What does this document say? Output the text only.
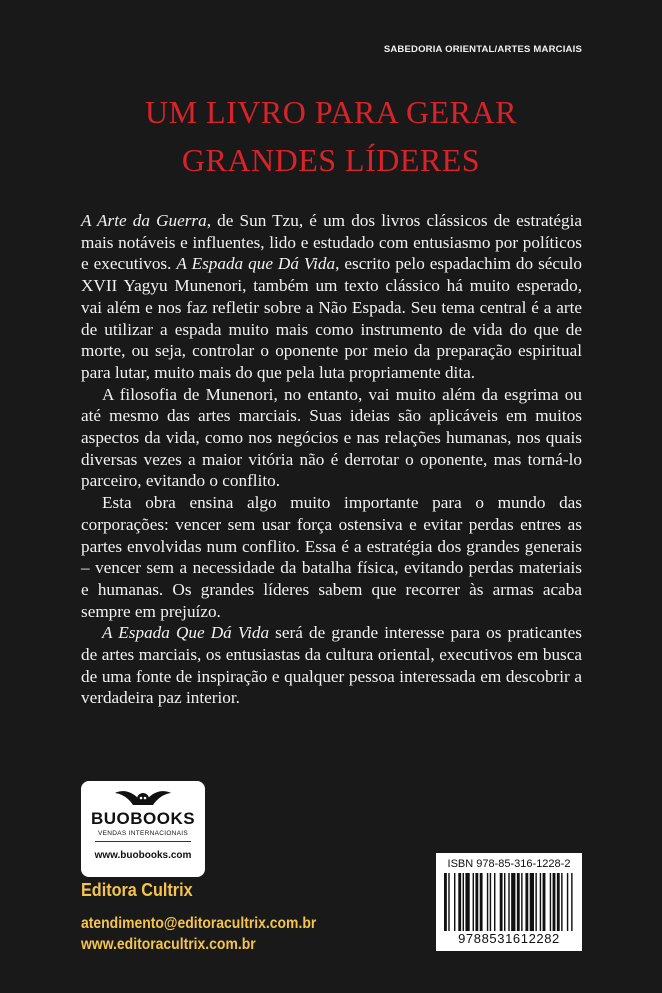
SABEDORIA ORIENTAL/ARTES MARCIAIS
UM LIVRO PARA GERAR
GRANDES LÍDERES

A Arte da Guerra, de Sun Tzu, é um dos livros clássicos de estratégia mais notáveis e influentes, lido e estudado com entusiasmo por políticos e executivos. A Espada que Dá Vida, escrito pelo espadachim do século XVII Yagyu Munenori, também um texto clássico há muito esperado, vai além e nos faz refletir sobre a Não Espada. Seu tema central é a arte de utilizar a espada muito mais como instrumento de vida do que de morte, ou seja, controlar o oponente por meio da preparação espiritual para lutar, muito mais do que pela luta propriamente dita.

A filosofia de Munenori, no entanto, vai muito além da esgrima ou até mesmo das artes marciais. Suas ideias são aplicáveis em muitos aspectos da vida, como nos negócios e nas relações humanas, nos quais diversas vezes a maior vitória não é derrotar o oponente, mas torná-lo parceiro, evitando o conflito.

Esta obra ensina algo muito importante para o mundo das corporações: vencer sem usar força ostensiva e evitar perdas entres as partes envolvidas num conflito. Essa é a estratégia dos grandes generais – vencer sem a necessidade da batalha física, evitando perdas materiais e humanas. Os grandes líderes sabem que recorrer às armas acaba sempre em prejuízo.

A Espada Que Dá Vida será de grande interesse para os praticantes de artes marciais, os entusiastas da cultura oriental, executivos em busca de uma fonte de inspiração e qualquer pessoa interessada em descobrir a verdadeira paz interior.

BUOBOOKS
VENDAS INTERNACIONAIS
www.buobooks.com
Editora Cultrix
atendimento@editoracultrix.com.br
www.editoracultrix.com.br
ISBN 978-85-316-1228-2
9788531612282
